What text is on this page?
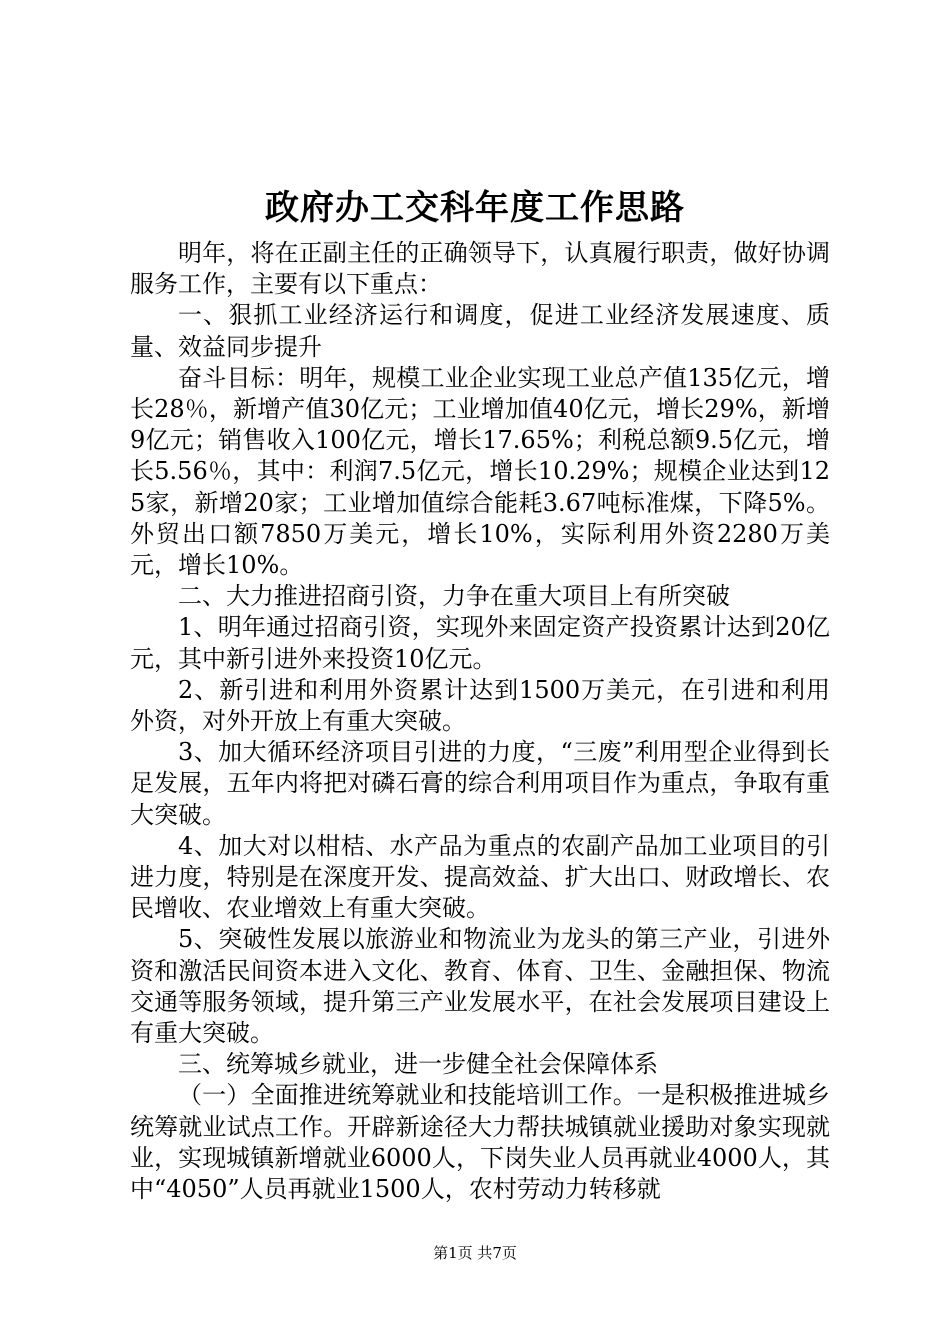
政府办工交科年度工作思路

明年，将在正副主任的正确领导下，认真履行职责，做好协调服务工作，主要有以下重点：

一、狠抓工业经济运行和调度，促进工业经济发展速度、质量、效益同步提升

奋斗目标：明年，规模工业企业实现工业总产值135亿元，增长28％，新增产值30亿元；工业增加值40亿元，增长29%，新增9亿元；销售收入100亿元，增长17.65%；利税总额9.5亿元，增长5.56％，其中：利润7.5亿元，增长10.29%；规模企业达到125家，新增20家；工业增加值综合能耗3.67吨标准煤，下降5%。外贸出口额7850万美元，增长10%，实际利用外资2280万美元，增长10%。

二、大力推进招商引资，力争在重大项目上有所突破

1、明年通过招商引资，实现外来固定资产投资累计达到20亿元，其中新引进外来投资10亿元。

2、新引进和利用外资累计达到1500万美元，在引进和利用外资，对外开放上有重大突破。

3、加大循环经济项目引进的力度，“三废”利用型企业得到长足发展，五年内将把对磷石膏的综合利用项目作为重点，争取有重大突破。

4、加大对以柑桔、水产品为重点的农副产品加工业项目的引进力度，特别是在深度开发、提高效益、扩大出口、财政增长、农民增收、农业增效上有重大突破。

5、突破性发展以旅游业和物流业为龙头的第三产业，引进外资和激活民间资本进入文化、教育、体育、卫生、金融担保、物流交通等服务领域，提升第三产业发展水平，在社会发展项目建设上有重大突破。

三、统筹城乡就业，进一步健全社会保障体系

（一）全面推进统筹就业和技能培训工作。一是积极推进城乡统筹就业试点工作。开辟新途径大力帮扶城镇就业援助对象实现就业，实现城镇新增就业6000人，下岗失业人员再就业4000人，其中“4050”人员再就业1500人，农村劳动力转移就

第1页 共7页
